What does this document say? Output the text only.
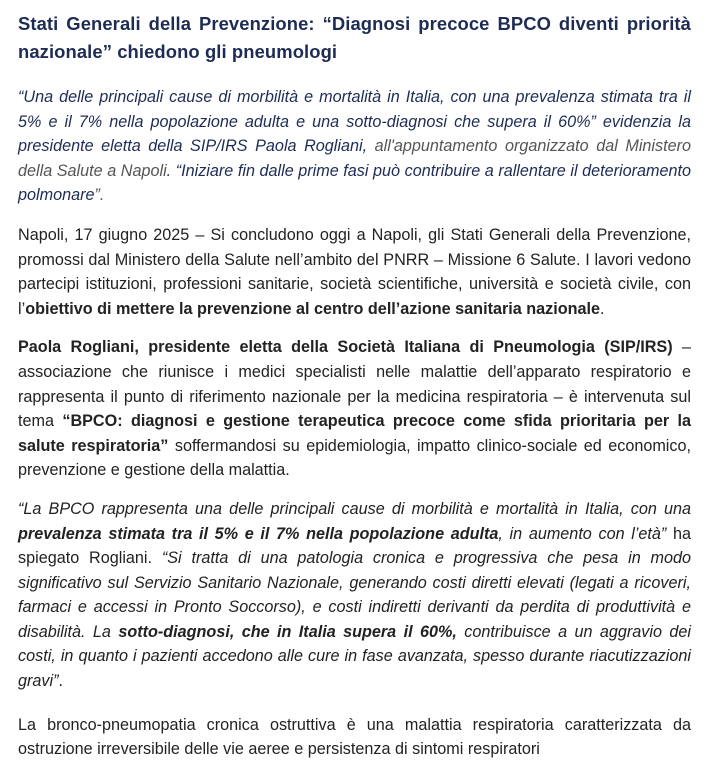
Stati Generali della Prevenzione: “Diagnosi precoce BPCO diventi priorità nazionale” chiedono gli pneumologi

“Una delle principali cause di morbilità e mortalità in Italia, con una prevalenza stimata tra il 5% e il 7% nella popolazione adulta e una sotto-diagnosi che supera il 60%” evidenzia la presidente eletta della SIP/IRS Paola Rogliani, all'appuntamento organizzato dal Ministero della Salute a Napoli. “Iniziare fin dalle prime fasi può contribuire a rallentare il deterioramento polmonare”.

Napoli, 17 giugno 2025 – Si concludono oggi a Napoli, gli Stati Generali della Prevenzione, promossi dal Ministero della Salute nell’ambito del PNRR – Missione 6 Salute. I lavori vedono partecipi istituzioni, professioni sanitarie, società scientifiche, università e società civile, con l’obiettivo di mettere la prevenzione al centro dell’azione sanitaria nazionale.

Paola Rogliani, presidente eletta della Società Italiana di Pneumologia (SIP/IRS) – associazione che riunisce i medici specialisti nelle malattie dell’apparato respiratorio e rappresenta il punto di riferimento nazionale per la medicina respiratoria – è intervenuta sul tema “BPCO: diagnosi e gestione terapeutica precoce come sfida prioritaria per la salute respiratoria” soffermandosi su epidemiologia, impatto clinico-sociale ed economico, prevenzione e gestione della malattia.

“La BPCO rappresenta una delle principali cause di morbilità e mortalità in Italia, con una prevalenza stimata tra il 5% e il 7% nella popolazione adulta, in aumento con l’età” ha spiegato Rogliani. “Si tratta di una patologia cronica e progressiva che pesa in modo significativo sul Servizio Sanitario Nazionale, generando costi diretti elevati (legati a ricoveri, farmaci e accessi in Pronto Soccorso), e costi indiretti derivanti da perdita di produttività e disabilità. La sotto-diagnosi, che in Italia supera il 60%, contribuisce a un aggravio dei costi, in quanto i pazienti accedono alle cure in fase avanzata, spesso durante riacutizzazioni gravi”.

La bronco-pneumopatia cronica ostruttiva è una malattia respiratoria caratterizzata da ostruzione irreversibile delle vie aeree e persistenza di sintomi respiratori
